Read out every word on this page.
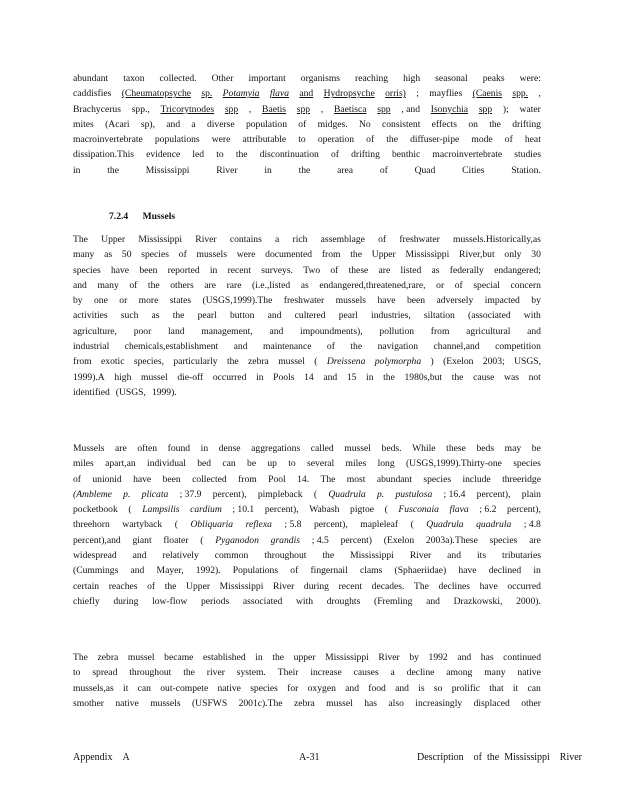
abundant taxon collected. Other important organisms reaching high seasonal peaks were:
caddisfies (Cheumatopsyche sp. Potamyia flava and Hydropsyche orris) ; mayflies (Caenis spp. ,
Brachycerus spp., Tricorytnodes spp , Baetis spp , Baetisca spp , and Isonychia spp ); water
mites (Acari sp), and a diverse population of midges. No consistent effects on the drifting
macroinvertebrate populations were attributable to operation of the diffuser-pipe mode of heat
dissipation.This evidence led to the discontinuation of drifting benthic macroinvertebrate studies
in	the	Mississippi	River	in	the	area	of	Quad	Cities	Station.
7.2.4 Mussels
The Upper Mississippi River contains a rich assemblage of freshwater mussels.Historically,as
many as 50 species of mussels were documented from the Upper Mississippi River,but only 30
species have been reported in recent surveys. Two of these are listed as federally endangered;
and many of the others are rare (i.e.,listed as endangered,threatened,rare, or of special concern
by one or more states (USGS,1999).The freshwater mussels have been adversely impacted by
activities such as the pearl button and cultered pearl industries, siltation (associated with
agriculture, poor land management, and impoundments), pollution from agricultural and
industrial chemicals,establishment and maintenance of the navigation channel,and competition
from exotic species, particularly the zebra mussel ( Dreissena polymorpha ) (Exelon 2003; USGS,
1999).A high mussel die-off occurred in Pools 14 and 15 in the 1980s,but the cause was not
identified (USGS, 1999).
Mussels are often found in dense aggregations called mussel beds. While these beds may be
miles apart,an individual bed can be up to several miles long (USGS,1999).Thirty-one species
of unionid have been collected from Pool 14. The most abundant species include threeridge
(Ambleme p. plicata ; 37.9 percent), pimpleback ( Quadrula p. pustulosa ; 16.4 percent), plain
pocketbook ( Lampsilis cardium ; 10.1 percent), Wabash pigtoe ( Fusconaia flava ; 6.2 percent),
threehorn wartyback ( Obliquaria reflexa ; 5.8 percent), mapleleaf ( Quadrula quadrula ; 4.8
percent),and giant floater ( Pyganodon grandis ; 4.5 percent) (Exelon 2003a).These species are
widespread and relatively common throughout the Mississippi River and its tributaries
(Cummings and Mayer, 1992). Populations of fingernail clams (Sphaeriidae) have declined in
certain reaches of the Upper Mississippi River during recent decades. The declines have occurred
chiefly during low-flow periods associated with droughts (Fremling and Drazkowski, 2000).
The zebra mussel became established in the upper Mississippi River by 1992 and has continued
to spread throughout the river system. Their increase causes a decline among many native
mussels,as it can out-compete native species for oxygen and food and is so prolific that it can
smother native mussels (USFWS 2001c).The zebra mussel has also increasingly displaced other
Appendix A	A-31	Description of the Mississippi River
